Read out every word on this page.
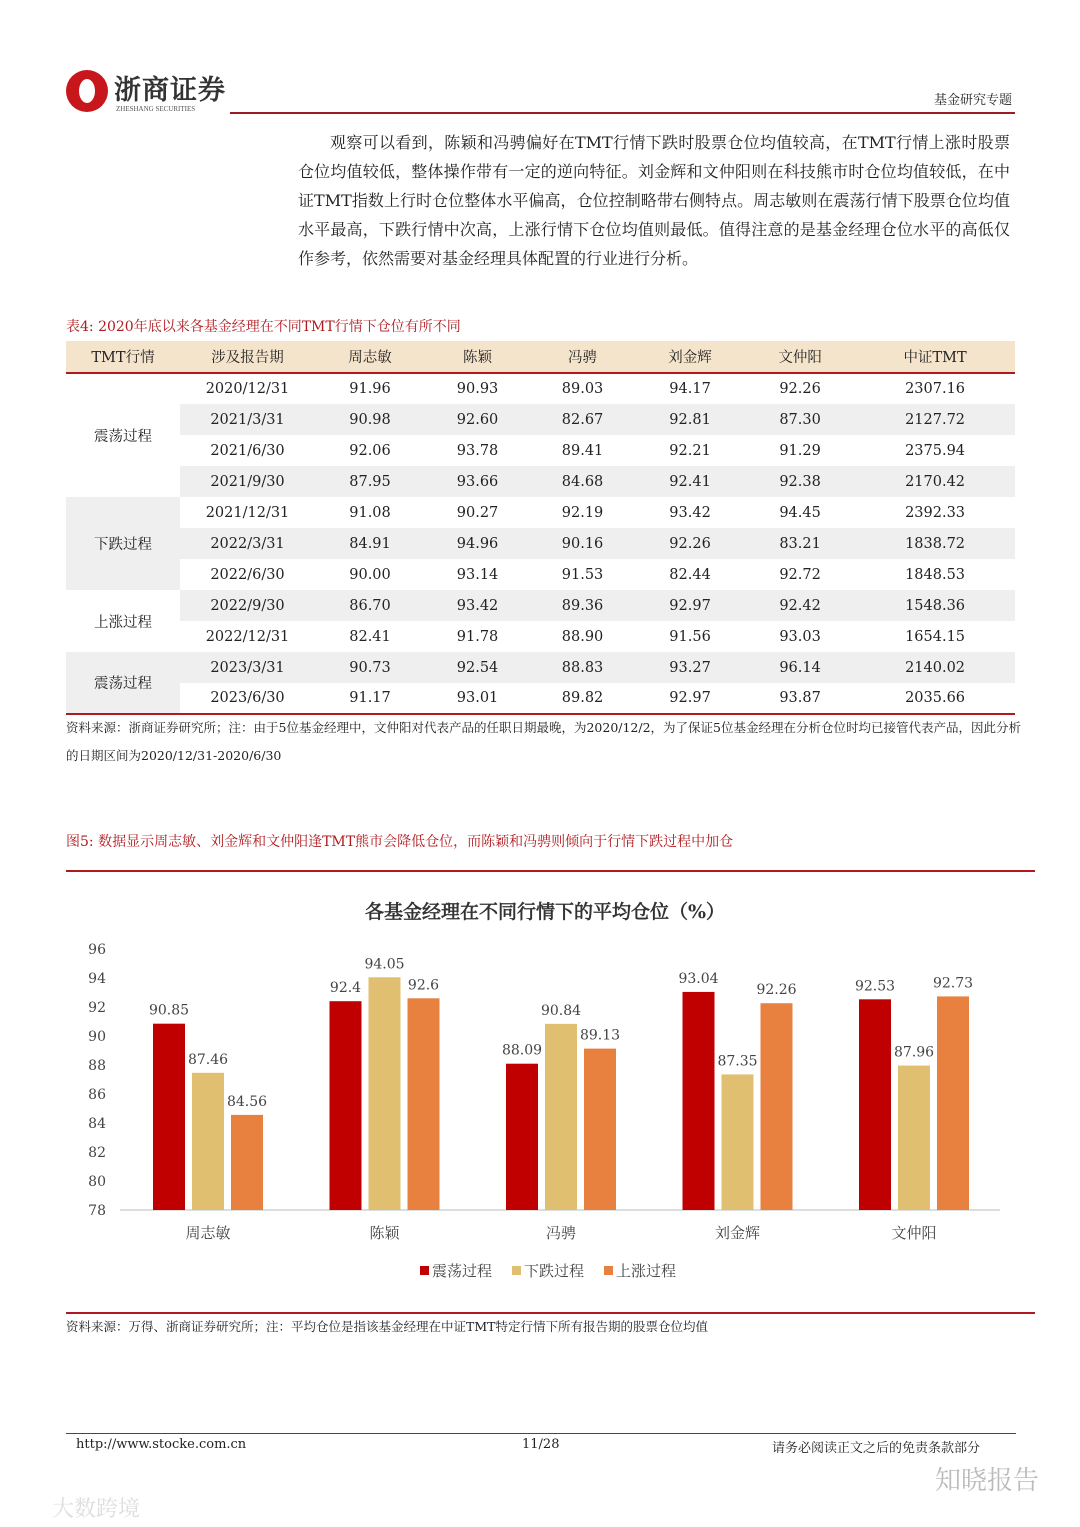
浙商证券
ZHESHANG SECURITIES
基金研究专题
观察可以看到，陈颖和冯骋偏好在TMT行情下跌时股票仓位均值较高，在TMT行情上涨时股票仓位均值较低，整体操作带有一定的逆向特征。刘金辉和文仲阳则在科技熊市时仓位均值较低，在中证TMT指数上行时仓位整体水平偏高，仓位控制略带右侧特点。周志敏则在震荡行情下股票仓位均值水平最高，下跌行情中次高，上涨行情下仓位均值则最低。值得注意的是基金经理仓位水平的高低仅作参考，依然需要对基金经理具体配置的行业进行分析。
表4: 2020年底以来各基金经理在不同TMT行情下仓位有所不同
TMT行情	涉及报告期	周志敏	陈颖	冯骋	刘金辉	文仲阳	中证TMT
震荡过程	2020/12/31	91.96	90.93	89.03	94.17	92.26	2307.16
	2021/3/31	90.98	92.60	82.67	92.81	87.30	2127.72
	2021/6/30	92.06	93.78	89.41	92.21	91.29	2375.94
	2021/9/30	87.95	93.66	84.68	92.41	92.38	2170.42
下跌过程	2021/12/31	91.08	90.27	92.19	93.42	94.45	2392.33
	2022/3/31	84.91	94.96	90.16	92.26	83.21	1838.72
	2022/6/30	90.00	93.14	91.53	82.44	92.72	1848.53
上涨过程	2022/9/30	86.70	93.42	89.36	92.97	92.42	1548.36
	2022/12/31	82.41	91.78	88.90	91.56	93.03	1654.15
震荡过程	2023/3/31	90.73	92.54	88.83	93.27	96.14	2140.02
	2023/6/30	91.17	93.01	89.82	92.97	93.87	2035.66
资料来源：浙商证券研究所；注：由于5位基金经理中，文仲阳对代表产品的任职日期最晚，为2020/12/2，为了保证5位基金经理在分析仓位时均已接管代表产品，因此分析的日期区间为2020/12/31-2020/6/30
图5: 数据显示周志敏、刘金辉和文仲阳逢TMT熊市会降低仓位，而陈颖和冯骋则倾向于行情下跌过程中加仓
各基金经理在不同行情下的平均仓位（%）
78
80
82
84
86
88
90
92
94
96
周志敏
90.85
87.46
84.56
陈颖
92.4
94.05
92.6
冯骋
88.09
90.84
89.13
刘金辉
93.04
87.35
92.26
文仲阳
92.53
87.96
92.73
震荡过程 下跌过程 上涨过程
资料来源：万得、浙商证券研究所；注：平均仓位是指该基金经理在中证TMT特定行情下所有报告期的股票仓位均值
http://www.stocke.com.cn	11/28	请务必阅读正文之后的免责条款部分
知晓报告
大数跨境
